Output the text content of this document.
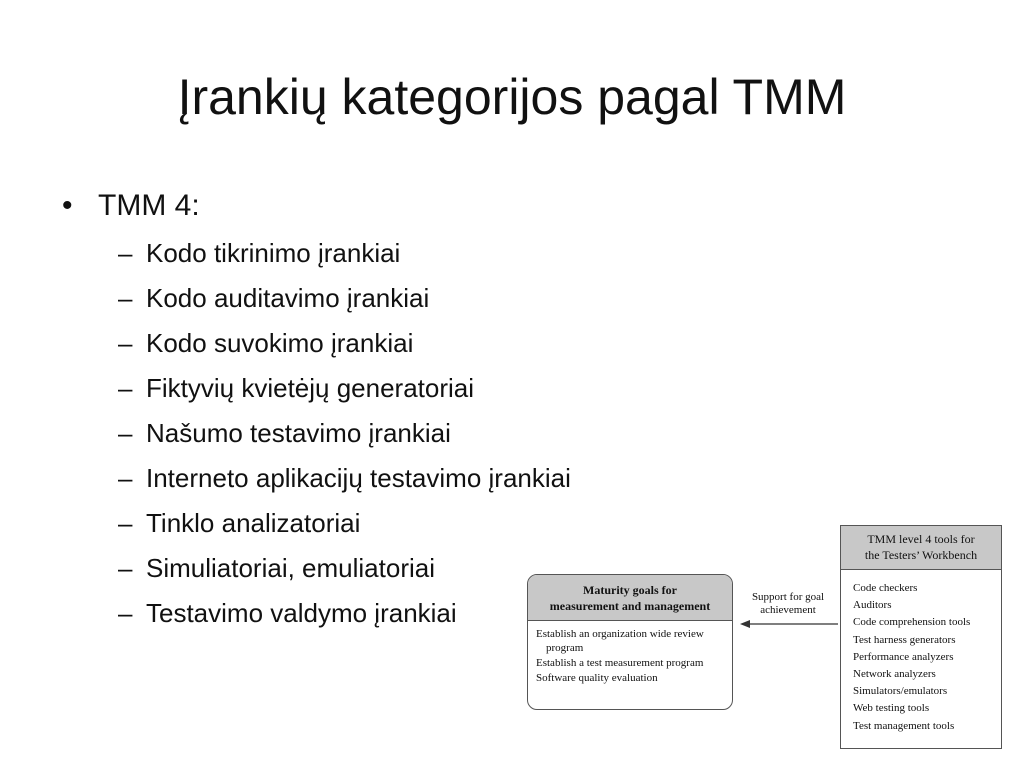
Įrankių kategorijos pagal TMM
• TMM 4:
– Kodo tikrinimo įrankiai
– Kodo auditavimo įrankiai
– Kodo suvokimo įrankiai
– Fiktyvių kvietėjų generatoriai
– Našumo testavimo įrankiai
– Interneto aplikacijų testavimo įrankiai
– Tinklo analizatoriai
– Simuliatoriai, emuliatoriai
– Testavimo valdymo įrankiai
Maturity goals for
measurement and management
Establish an organization wide review program
Establish a test measurement program
Software quality evaluation
Support for goal
achievement
TMM level 4 tools for
the Testers’ Workbench
Code checkers
Auditors
Code comprehension tools
Test harness generators
Performance analyzers
Network analyzers
Simulators/emulators
Web testing tools
Test management tools
